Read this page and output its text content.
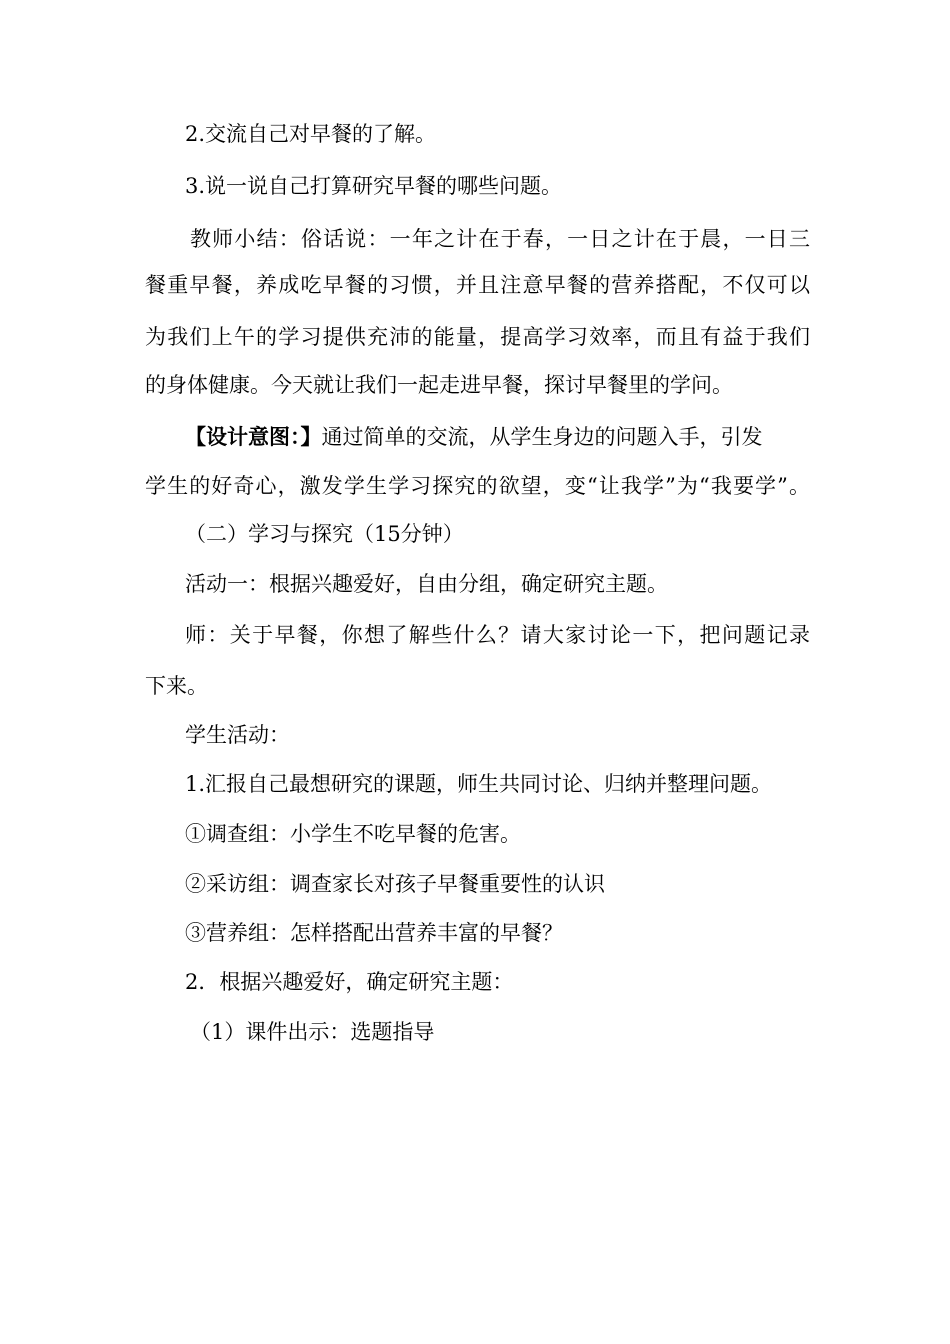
2.交流自己对早餐的了解。
3.说一说自己打算研究早餐的哪些问题。
教师小结：俗话说：一年之计在于春，一日之计在于晨，一日三
餐重早餐，养成吃早餐的习惯，并且注意早餐的营养搭配，不仅可以
为我们上午的学习提供充沛的能量，提高学习效率，而且有益于我们
的身体健康。今天就让我们一起走进早餐，探讨早餐里的学问。
【设计意图：】通过简单的交流，从学生身边的问题入手，引发
学生的好奇心，激发学生学习探究的欲望，变“让我学”为“我要学”。
（二）学习与探究（15分钟）
活动一：根据兴趣爱好，自由分组，确定研究主题。
师：关于早餐，你想了解些什么？请大家讨论一下，把问题记录
下来。
学生活动：
1.汇报自己最想研究的课题，师生共同讨论、归纳并整理问题。
①调查组：小学生不吃早餐的危害。
②采访组：调查家长对孩子早餐重要性的认识
③营养组：怎样搭配出营养丰富的早餐？
2．根据兴趣爱好，确定研究主题：
（1）课件出示：选题指导
